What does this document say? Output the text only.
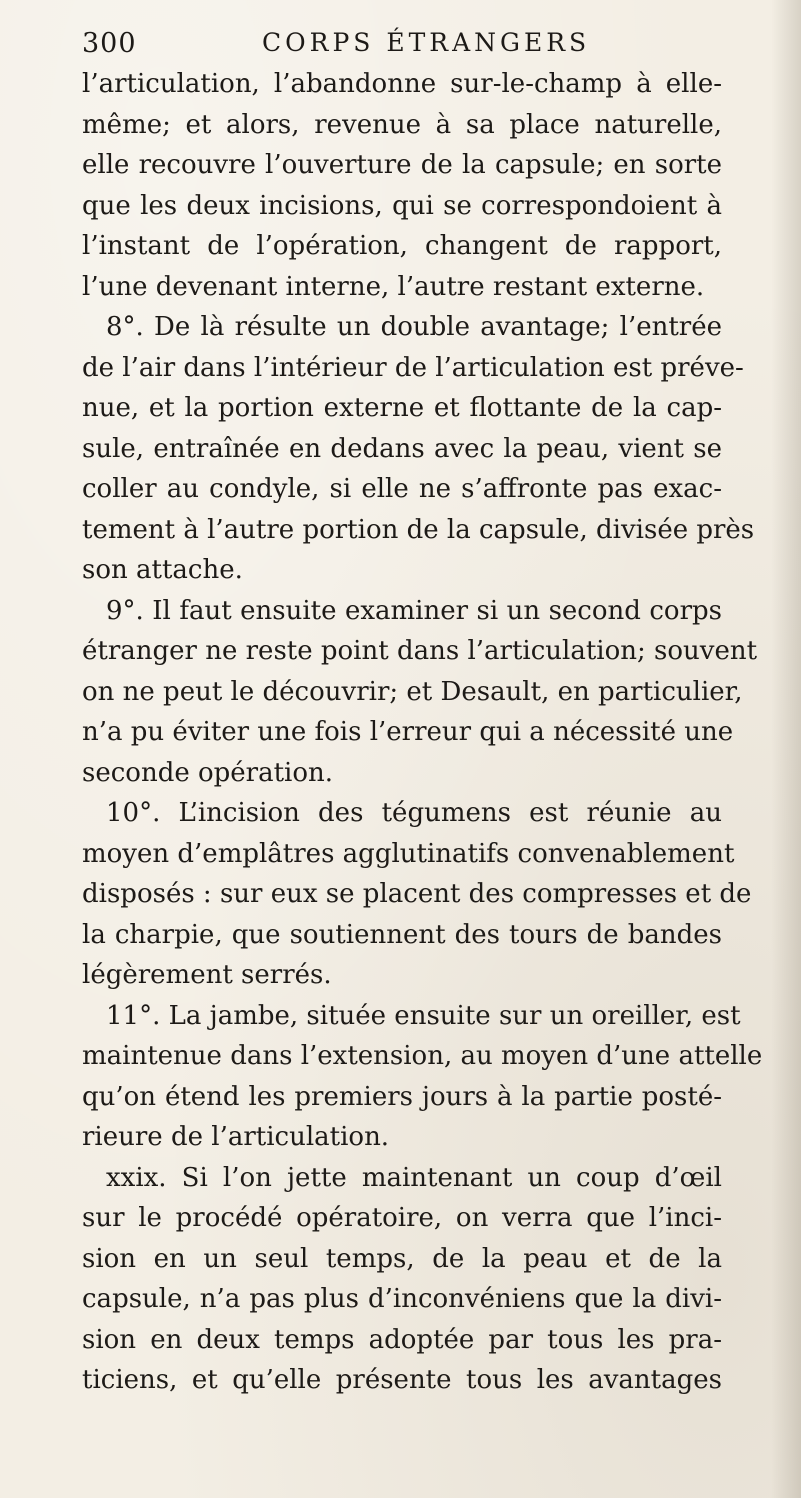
300	CORPS ÉTRANGERS
l’articulation, l’abandonne sur-le-champ à elle-
même; et alors, revenue à sa place naturelle,
elle recouvre l’ouverture de la capsule; en sorte
que les deux incisions, qui se correspondoient à
l’instant de l’opération, changent de rapport,
l’une devenant interne, l’autre restant externe.
8°. De là résulte un double avantage; l’entrée
de l’air dans l’intérieur de l’articulation est préve-
nue, et la portion externe et flottante de la cap-
sule, entraînée en dedans avec la peau, vient se
coller au condyle, si elle ne s’affronte pas exac-
tement à l’autre portion de la capsule, divisée près
son attache.
9°. Il faut ensuite examiner si un second corps
étranger ne reste point dans l’articulation; souvent
on ne peut le découvrir; et Desault, en particulier,
n’a pu éviter une fois l’erreur qui a nécessité une
seconde opération.
10°. L’incision des tégumens est réunie au
moyen d’emplâtres agglutinatifs convenablement
disposés : sur eux se placent des compresses et de
la charpie, que soutiennent des tours de bandes
légèrement serrés.
11°. La jambe, située ensuite sur un oreiller, est
maintenue dans l’extension, au moyen d’une attelle
qu’on étend les premiers jours à la partie posté-
rieure de l’articulation.
xxix. Si l’on jette maintenant un coup d’œil
sur le procédé opératoire, on verra que l’inci-
sion en un seul temps, de la peau et de la
capsule, n’a pas plus d’inconvéniens que la divi-
sion en deux temps adoptée par tous les pra-
ticiens, et qu’elle présente tous les avantages
